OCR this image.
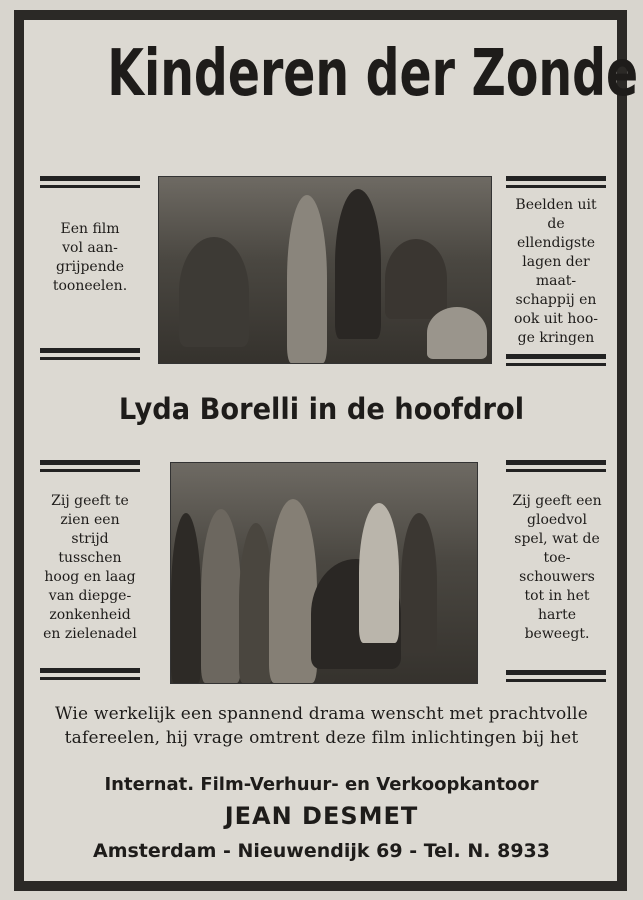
Kinderen der Zonde
Een film
vol aan-
grijpende
tooneelen.
Beelden uit
de
ellendigste
lagen der
maat-
schappij en
ook uit hoo-
ge kringen
Lyda Borelli in de hoofdrol
Zij geeft te
zien een
strijd
tusschen
hoog en laag
van diepge-
zonkenheid
en zielenadel
Zij geeft een
gloedvol
spel, wat de
toe-
schouwers
tot in het
harte
beweegt.
Wie werkelijk een spannend drama wenscht met prachtvolle
tafereelen, hij vrage omtrent deze film inlichtingen bij het
Internat. Film-Verhuur- en Verkoopkantoor
JEAN DESMET
Amsterdam - Nieuwendijk 69 - Tel. N. 8933
